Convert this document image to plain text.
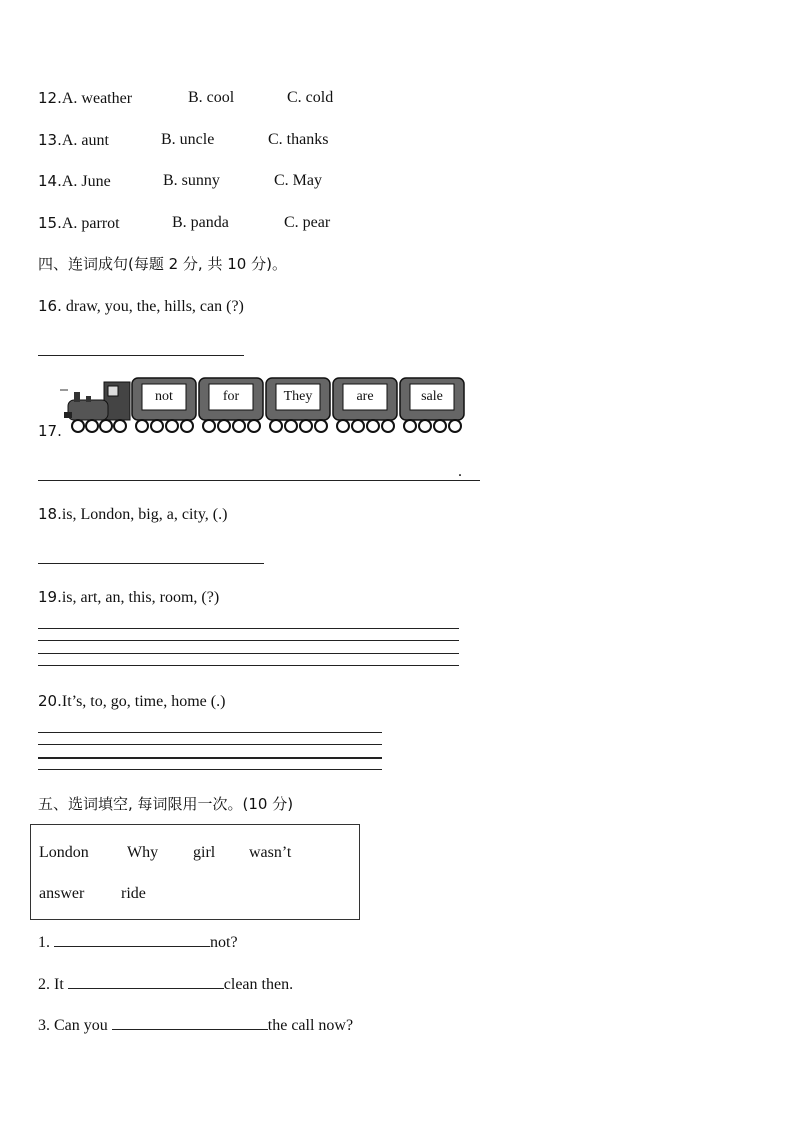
12.A. weather	B. cool	C. cold
13.A. aunt	B. uncle	C. thanks
14.A. June	B. sunny	C. May
15.A. parrot	B. panda	C. pear
四、连词成句(每题 2 分, 共 10 分)。
16. draw, you, the, hills, can (?)
17.
not	for	They	are	sale
.
18.is, London, big, a, city, (.)
19.is, art, an, this, room, (?)
20.It’s, to, go, time, home (.)
五、选词填空, 每词限用一次。(10 分)
London Why girl wasn’t
answer ride
1.	not?
2. It	clean then.
3. Can you	the call now?
